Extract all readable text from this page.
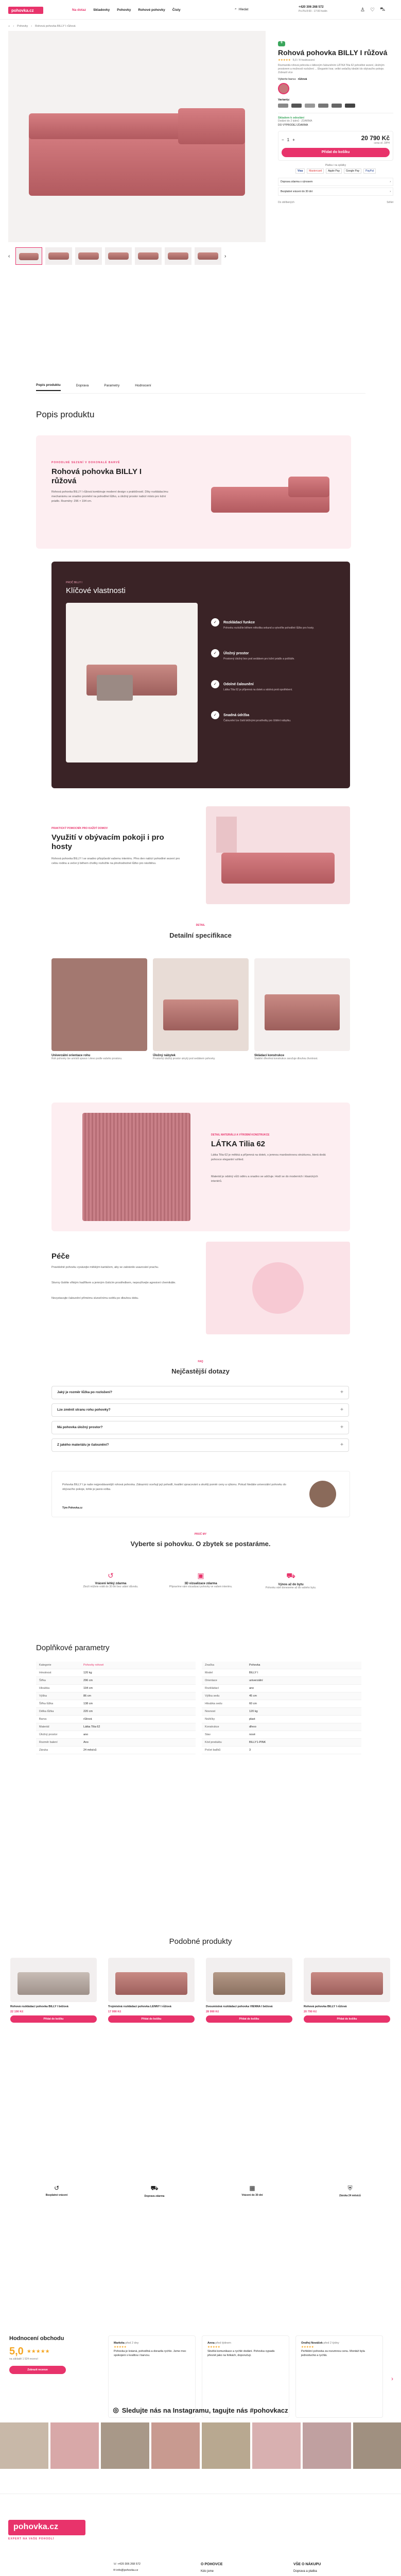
pohovka.cz	Na dotaz Skladovky Pohovky Rohové pohovky Čisty	⌕ Hledat
+420 306 268 572
Po-Pá 8:00 - 17:00 hodin	♙ ♡ ⛍
⌂ › Pohovky › Rohová pohovka BILLY I růžová
‹	›
6
Rohová pohovka BILLY I růžová
★★★★★ 5,0 / 4 hodnocení
Rozmanitá rohová pohovka s látkovým čalouněním LÁTKA Tilia 62 pohodlné sezení, úložným prostorem a možností rozložení ... Elegantní tvar, velké sedačky ideální do obývacího pokoje. Zobrazit více
Vyberte barvu: růžová
Varianty:
Skladem k odeslání
Dodání do 2 týdnů · ZDARMA
DO VÝPRODEJ ZDARMA
− 1 +	20 790 Kč
cena vč. DPH
Přidat do košíku
Platba i na splátky
Visa	Mastercard	Apple Pay	Google Pay	PayPal
Doprava zdarma s výnosem	›
Bezplatné vrácení do 30 dní	›
Do oblíbených	Sdílet
Popis produktu	Doprava	Parametry	Hodnocení
Popis produktu
POHODLNÉ SEZENÍ V DOKONALÉ BARVĚ
Rohová pohovka BILLY I růžová
Rohová pohovka BILLY I růžová kombinuje moderní design s praktičností. Díky rozkládacímu mechanismu se snadno promění na pohodlné lůžko, a úložný prostor nabízí místo pro ložní prádlo. Rozměry: 296 × 194 cm.
PROČ BILLY I
Klíčové vlastnosti
✓	Rozkládací funkce
Pohovku rozložíte během několika sekund a vytvoříte pohodlné lůžko pro hosty.
✓	Úložný prostor
Prostorný úložný box pod sedákem pro ložní prádlo a polštáře.
✓	Odolné čalounění
Látka Tilia 62 je příjemná na dotek a odolná proti opotřebení.
✓	Snadná údržba
Čalounění lze čistit běžnými prostředky pro čištění nábytku.
PRAKTICKÝ POMOCNÍK PRO KAŽDÝ DOMOV
Využití v obývacím pokoji i pro hosty
Rohová pohovka BILLY I se snadno přizpůsobí vašemu interiéru. Přes den nabízí pohodlné sezení pro celou rodinu a večer ji během chvilky rozložíte na plnohodnotné lůžko pro návštěvu.
DETAIL
Detailní specifikace
Univerzální orientace rohu
Roh pohovky lze umístit vpravo i vlevo podle vašeho prostoru.
Úložný nábytek
Prostorný úložný prostor ukrytý pod sedákem pohovky.
Skládací konstrukce
Stabilní dřevěná konstrukce zaručuje dlouhou životnost.
DETAIL MATERIÁLU A VÝROBNÍ KONSTRUKCE
LÁTKA Tilia 62
Látka Tilia 62 je měkká a příjemná na dotek, s jemnou manšestrovou strukturou, která dodá pohovce elegantní vzhled.
Materiál je odolný vůči oděru a snadno se udržuje. Hodí se do moderních i klasických interiérů.
Péče
Pravidelně pohovku vysávejte měkkým kartáčem, aby se zabránilo usazování prachu.
Skvrny čistěte vlhkým hadříkem a jemným čisticím prostředkem, nepoužívejte agresivní chemikálie.
Nevystavujte čalounění přímému slunečnímu světlu po dlouhou dobu.
FAQ
Nejčastější dotazy
Jaký je rozměr lůžka po rozložení?	+
Lze změnit stranu rohu pohovky?	+
Má pohovka úložný prostor?	+
Z jakého materiálu je čalounění?	+
Pohovka BILLY I je naše nejprodávanější rohová pohovka. Zákazníci oceňují její pohodlí, kvalitní zpracování a skvělý poměr ceny a výkonu. Pokud hledáte univerzální pohovku do obývacího pokoje, tohle je jasná volba.
Tým Pohovka.cz
PROČ MY
Vyberte si pohovku. O zbytek se postaráme.
↺
Vrácení lehký zdarma
Zboží můžete vrátit do 30 dní bez udání důvodu.
▣
3D vizualizace zdarma
Připravíme vám vizualizaci pohovky ve vašem interiéru.
⛟
Výnos až do bytu
Pohovku vám doneseme až do vašeho bytu.
Doplňkové parametry
Kategorie	Pohovky rohové
Hmotnost	120 kg
Šířka	296 cm
Hloubka	194 cm
Výška	86 cm
Šířka lůžka	138 cm
Délka lůžka	220 cm
Barva	růžová
Materiál	Látka Tilia 62
Úložný prostor	ano
Rozměr balení	Ano
Záruka	24 měsíců
Značka	Pohovka
Model	BILLY I
Orientace	univerzální
Rozkládací	ano
Výška sedu	45 cm
Hloubka sedu	60 cm
Nosnost	120 kg
Nožičky	plast
Konstrukce	dřevo
Stav	nové
Kód produktu	BILLY1-PINK
Počet balíků	3
Podobné produkty
Rohová rozkládací pohovka BILLY I béžová
22 190 Kč
Přidat do košíku
Trojmístná rozkládací pohovka LENNY I růžová
17 990 Kč
Přidat do košíku
Dvoumístná rozkládací pohovka VIENNA I béžová
28 990 Kč
Přidat do košíku
Rohová pohovka BILLY I růžová
20 790 Kč
Přidat do košíku
↺
Bezplatné vrácení
⛟
Doprava zdarma
▦
Vrácení do 30 dní
⛨
Záruka 24 měsíců
Hodnocení obchodu
5,0 ★★★★★
na základě 1 524 recenzí
Zobrazit recenze
Markéta před 2 dny
★★★★★
Pohovka je krásná, pohodlná a dorazila rychle. Jsme moc spokojeni s kvalitou i barvou.
Anna před týdnem
★★★★★
Skvělá komunikace a rychlé dodání. Pohovka vypadá přesně jako na fotkách, doporučuji.
Ondřej Nováček před 2 týdny
★★★★★
Perfektní pohovka za rozumnou cenu. Montáž byla jednoduchá a rychlá.
›
◎ Sledujte nás na Instagramu, tagujte nás #pohovkacz
pohovka.cz
EXPERT NA VAŠE POHODLÍ
☏ +420 306 268 572
✉ info@pohovka.cz
O POHOVCE
Kdo jsme
VŠE O NÁKUPU
Doprava a platba
